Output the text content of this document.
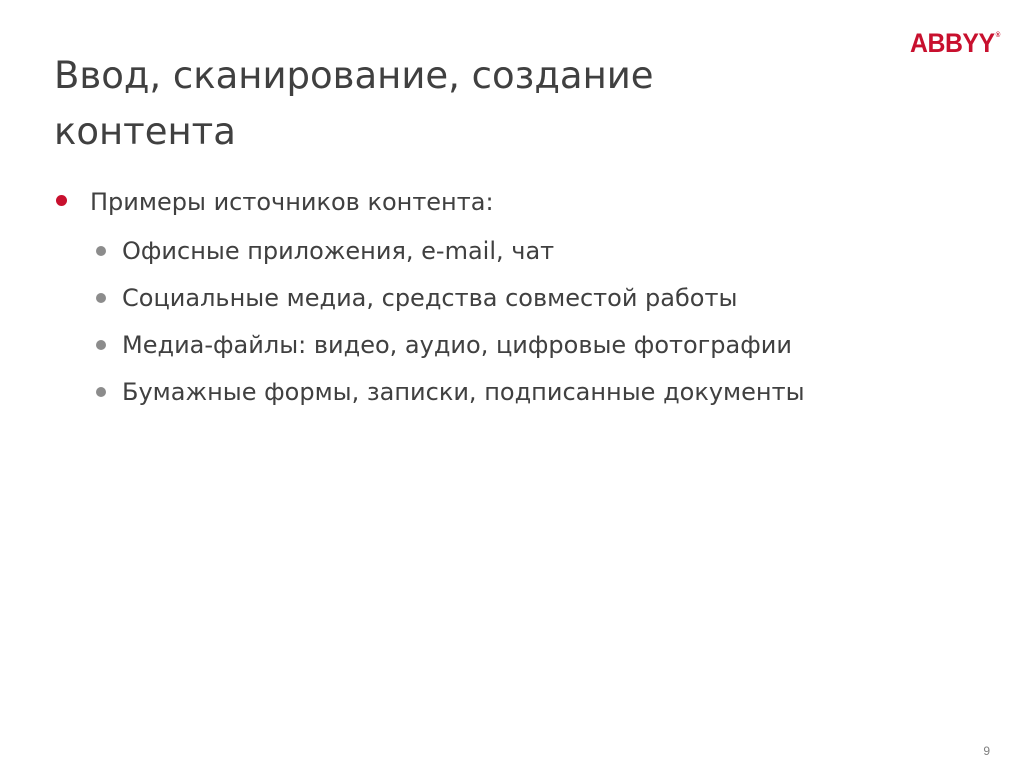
ABBYY®
Ввод, сканирование, создание
контента
Примеры источников контента:
Офисные приложения, e-mail, чат
Социальные медиа, средства совместой работы
Медиа-файлы: видео, аудио, цифровые фотографии
Бумажные формы, записки, подписанные документы
9
